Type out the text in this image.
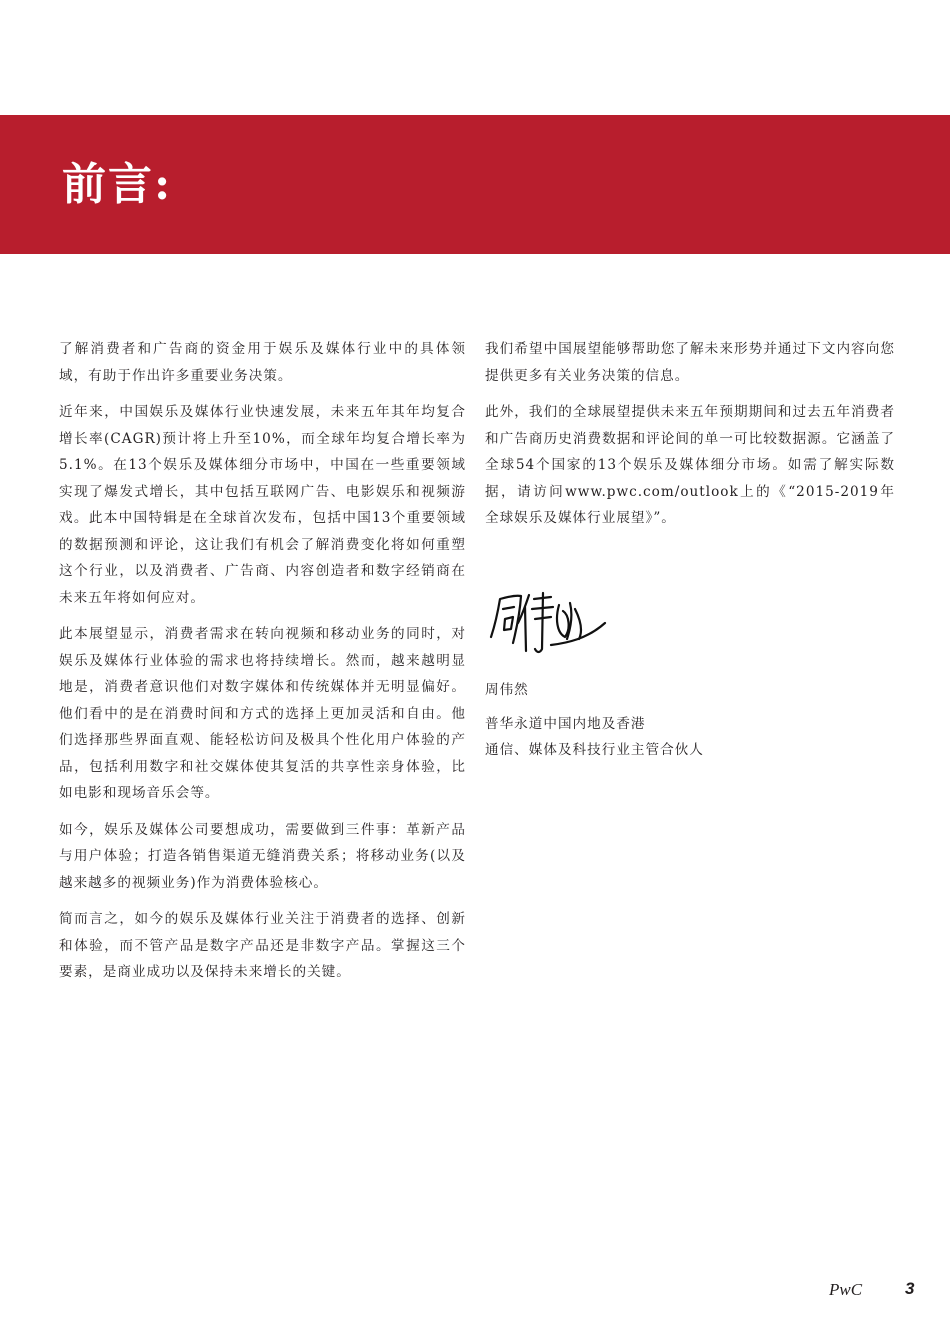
前言:

了解消费者和广告商的资金用于娱乐及媒体行业中的具体领域，有助于作出许多重要业务决策。

近年来，中国娱乐及媒体行业快速发展，未来五年其年均复合增长率(CAGR)预计将上升至10%，而全球年均复合增长率为5.1%。在13个娱乐及媒体细分市场中，中国在一些重要领域实现了爆发式增长，其中包括互联网广告、电影娱乐和视频游戏。此本中国特辑是在全球首次发布，包括中国13个重要领域的数据预测和评论，这让我们有机会了解消费变化将如何重塑这个行业，以及消费者、广告商、内容创造者和数字经销商在未来五年将如何应对。

此本展望显示，消费者需求在转向视频和移动业务的同时，对娱乐及媒体行业体验的需求也将持续增长。然而，越来越明显地是，消费者意识他们对数字媒体和传统媒体并无明显偏好。他们看中的是在消费时间和方式的选择上更加灵活和自由。他们选择那些界面直观、能轻松访问及极具个性化用户体验的产品，包括利用数字和社交媒体使其复活的共享性亲身体验，比如电影和现场音乐会等。

如今，娱乐及媒体公司要想成功，需要做到三件事：革新产品与用户体验；打造各销售渠道无缝消费关系；将移动业务(以及越来越多的视频业务)作为消费体验核心。

简而言之，如今的娱乐及媒体行业关注于消费者的选择、创新和体验，而不管产品是数字产品还是非数字产品。掌握这三个要素，是商业成功以及保持未来增长的关键。

我们希望中国展望能够帮助您了解未来形势并通过下文内容向您提供更多有关业务决策的信息。

此外，我们的全球展望提供未来五年预期期间和过去五年消费者和广告商历史消费数据和评论间的单一可比较数据源。它涵盖了全球54个国家的13个娱乐及媒体细分市场。如需了解实际数据，请访问www.pwc.com/outlook上的《“2015-2019年全球娱乐及媒体行业展望》”。

周伟然
普华永道中国内地及香港
通信、媒体及科技行业主管合伙人
PwC	3
